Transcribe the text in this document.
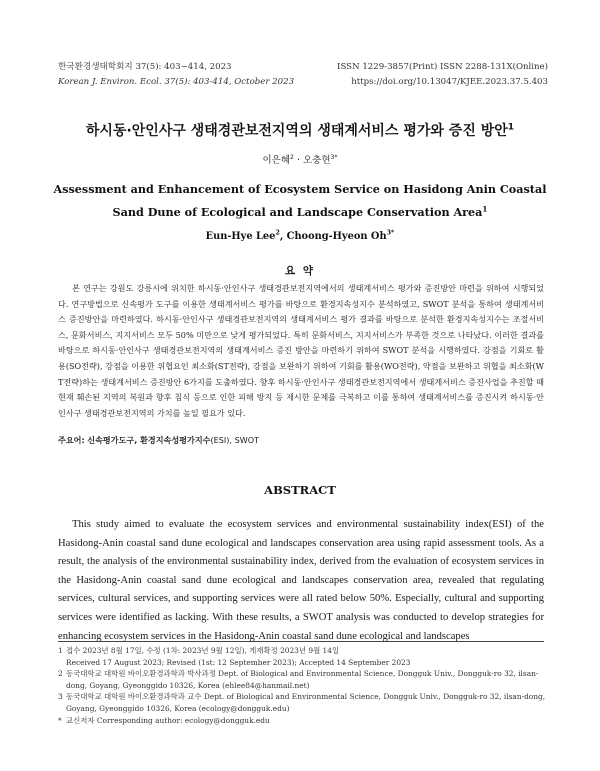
한국환경생태학회지 37(5): 403~414, 2023
Korean J. Environ. Ecol. 37(5): 403-414, October 2023
ISSN 1229-3857(Print) ISSN 2288-131X(Online)
https://doi.org/10.13047/KJEE.2023.37.5.403
하시동·안인사구 생태경관보전지역의 생태계서비스 평가와 증진 방안$^1$
이은혜$^2$ · 오충현$^{3*}$
Assessment and Enhancement of Ecosystem Service on Hasidong Anin Coastal Sand Dune of Ecological and Landscape Conservation Area$^1$
Eun-Hye Lee$^2$, Choong-Hyeon $Oh^{3*}$
요 약
본 연구는 강원도 강릉시에 위치한 하시동·안인사구 생태경관보전지역에서의 생태계서비스 평가와 증진방안 마련을 위하여 시행되었다. 연구방법으로 신속평가 도구를 이용한 생태계서비스 평가를 바탕으로 환경지속성지수 분석하였고, SWOT 분석을 통하여 생태계서비스 증진방안을 마련하였다. 하시동·안인사구 생태경관보전지역의 생태계서비스 평가 결과를 바탕으로 분석한 환경지속성지수는 조절서비스, 문화서비스, 지지서비스 모두 50% 미만으로 낮게 평가되었다. 특히 문화서비스, 지지서비스가 부족한 것으로 나타났다. 이러한 결과를 바탕으로 하시동·안인사구 생태경관보전지역의 생태계서비스 증진 방안을 마련하기 위하여 SWOT 분석을 시행하였다. 강점을 기회로 활용(SO전략), 강점을 이용한 위협요인 최소화(ST전략), 강점을 보완하기 위하여 기회를 활용(WO전략), 약점을 보완하고 위협을 최소화(WT전략)하는 생태계서비스 증진방안 6가지를 도출하였다. 향후 하시동·안인사구 생태경관보전지역에서 생태계서비스 증진사업을 추진할 때 현재 훼손된 지역의 복원과 향후 침식 등으로 인한 피해 방지 등 제시한 문제를 극복하고 이를 통하여 생태계서비스를 증진시켜 하시동·안인사구 생태경관보전지역의 가치를 높일 필요가 있다.
주요어: 신속평가도구, 환경지속성평가지수(ESI), SWOT
ABSTRACT
This study aimed to evaluate the ecosystem services and environmental sustainability index(ESI) of the Hasidong-Anin coastal sand dune ecological and landscapes conservation area using rapid assessment tools. As a result, the analysis of the environmental sustainability index, derived from the evaluation of ecosystem services in the Hasidong-Anin coastal sand dune ecological and landscapes conservation area, revealed that regulating services, cultural services, and supporting services were all rated below 50%. Especially, cultural and supporting services were identified as lacking. With these results, a SWOT analysis was conducted to develop strategies for enhancing ecosystem services in the Hasidong-Anin coastal sand dune ecological and landscapes
1 접수 2023년 8월 17일, 수정 (1차: 2023년 9월 12일), 게재확정 2023년 9월 14일
Received 17 August 2023; Revised (1st: 12 September 2023); Accepted 14 September 2023
2 동국대학교 대학원 바이오환경과학과 박사과정 Dept. of Biological and Environmental Science, Dongguk Univ., Dongguk-ro 32, ilsan-dong, Goyang, Gyeonggido 10326, Korea (ehlee84@hanmail.net)
3 동국대학교 대학원 바이오환경과학과 교수 Dept. of Biological and Environmental Science, Dongguk Univ., Dongguk-ro 32, ilsan-dong, Goyang, Gyeonggido 10326, Korea (ecology@dongguk.edu)
* 교신저자 Corresponding author: ecology@dongguk.edu
